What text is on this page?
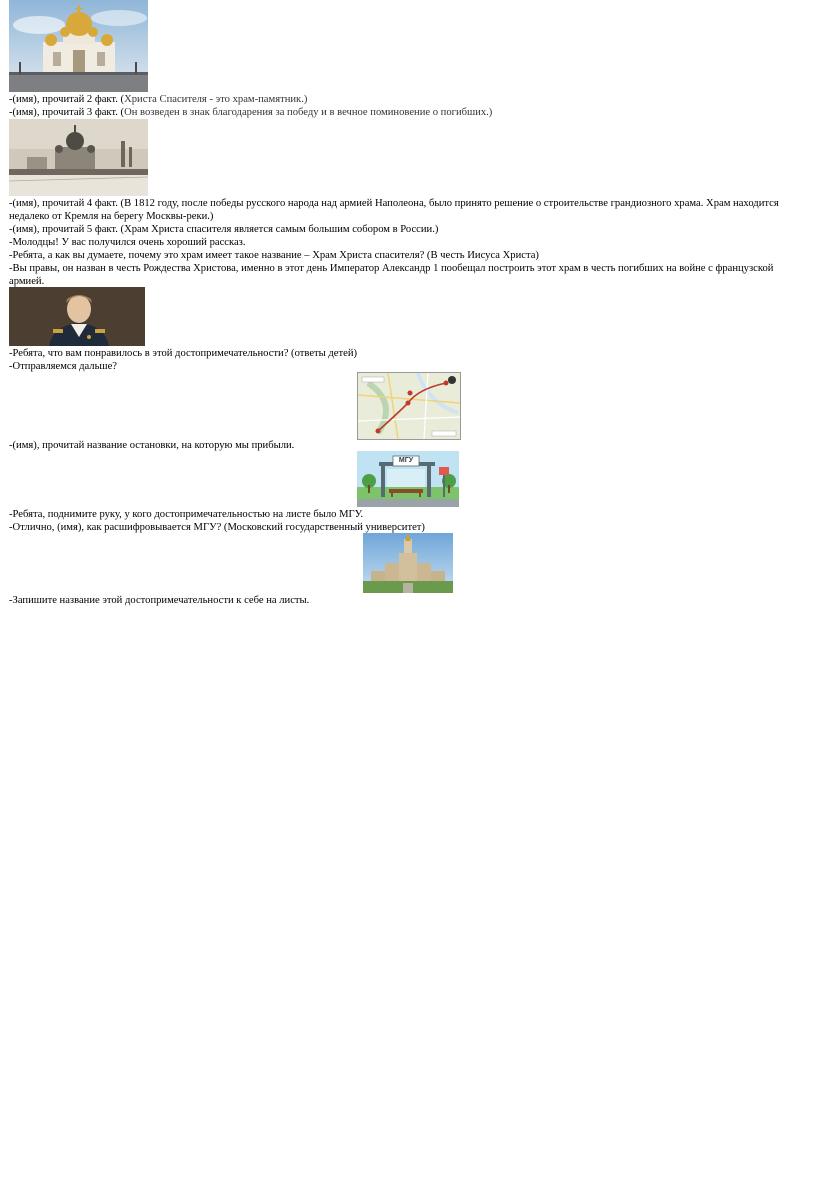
-(имя), прочитай 2 факт. (Христа Спасителя - это храм-памятник.)
-(имя), прочитай 3 факт. (Он возведен в знак благодарения за победу и в вечное поминовение о погибших.)
-(имя), прочитай 4 факт. (В 1812 году, после победы русского народа над армией Наполеона, было принято решение о строительстве грандиозного храма. Храм находится недалеко от Кремля на берегу Москвы-реки.)
-(имя), прочитай 5 факт. (Храм Христа спасителя является самым большим собором в России.)
-Молодцы! У вас получился очень хороший рассказ.
-Ребята, а как вы думаете, почему это храм имеет такое название – Храм Христа спасителя? (В честь Иисуса Христа)
-Вы правы, он назван в честь Рождества Христова, именно в этот день Император Александр 1 пообещал построить этот храм в честь погибших на войне с французской армией.
-Ребята, что вам понравилось в этой достопримечательности? (ответы детей)
-Отправляемся дальше?
-(имя), прочитай название остановки, на которую мы прибыли.
МГУ
-Ребята, поднимите руку, у кого достопримечательностью на листе было МГУ.
-Отлично, (имя), как расшифровывается МГУ? (Московский государственный университет)
-Запишите название этой достопримечательности к себе на листы.
